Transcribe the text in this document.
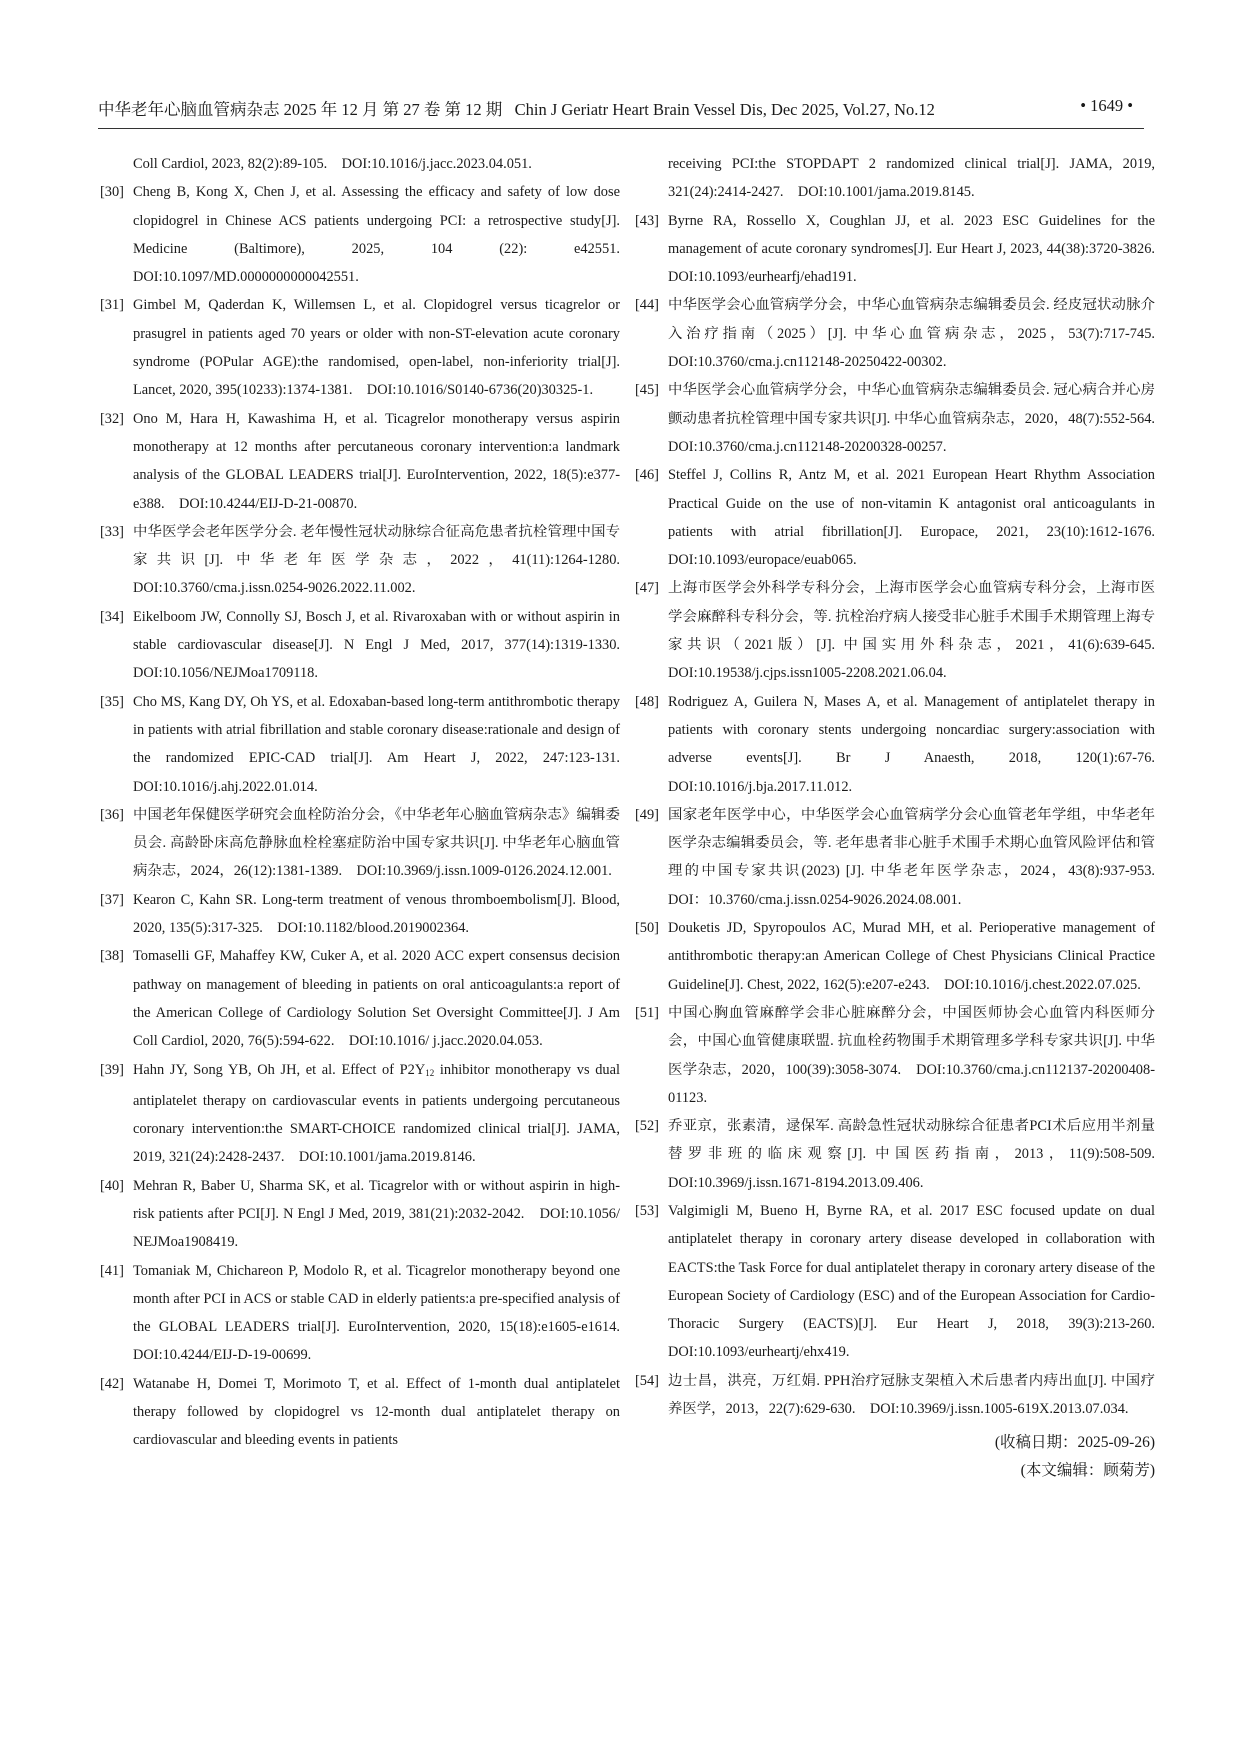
中华老年心脑血管病杂志 2025 年 12 月 第 27 卷 第 12 期 Chin J Geriatr Heart Brain Vessel Dis, Dec 2025, Vol.27, No.12	• 1649 •
Coll Cardiol, 2023, 82(2):89-105.　DOI:10.1016/j.jacc.2023.04.051.
[30] Cheng B, Kong X, Chen J, et al. Assessing the efficacy and safety of low dose clopidogrel in Chinese ACS patients undergoing PCI: a retrospective study[J]. Medicine (Baltimore), 2025, 104 (22): e42551.　DOI:10.1097/MD.0000000000042551.
[31] Gimbel M, Qaderdan K, Willemsen L, et al. Clopidogrel versus ticagrelor or prasugrel in patients aged 70 years or older with non-ST-elevation acute coronary syndrome (POPular AGE):the randomised, open-label, non-inferiority trial[J]. Lancet, 2020, 395(10233):1374-1381.　DOI:10.1016/S0140-6736(20)30325-1.
[32] Ono M, Hara H, Kawashima H, et al. Ticagrelor monotherapy versus aspirin monotherapy at 12 months after percutaneous coronary intervention:a landmark analysis of the GLOBAL LEADERS trial[J]. EuroIntervention, 2022, 18(5):e377-e388.　DOI:10.4244/EIJ-D-21-00870.
[33] 中华医学会老年医学分会. 老年慢性冠状动脉综合征高危患者抗栓管理中国专家共识[J]. 中华老年医学杂志，2022，41(11):1264-1280.　DOI:10.3760/cma.j.issn.0254-9026.2022.11.002.
[34] Eikelboom JW, Connolly SJ, Bosch J, et al. Rivaroxaban with or without aspirin in stable cardiovascular disease[J]. N Engl J Med, 2017, 377(14):1319-1330.　DOI:10.1056/NEJMoa1709118.
[35] Cho MS, Kang DY, Oh YS, et al. Edoxaban-based long-term antithrombotic therapy in patients with atrial fibrillation and stable coronary disease:rationale and design of the randomized EPIC-CAD trial[J]. Am Heart J, 2022, 247:123-131.　DOI:10.1016/j.ahj.2022.01.014.
[36] 中国老年保健医学研究会血栓防治分会，《中华老年心脑血管病杂志》编辑委员会. 高龄卧床高危静脉血栓栓塞症防治中国专家共识[J]. 中华老年心脑血管病杂志，2024，26(12):1381-1389.　DOI:10.3969/j.issn.1009-0126.2024.12.001.
[37] Kearon C, Kahn SR. Long-term treatment of venous thromboembolism[J]. Blood, 2020, 135(5):317-325.　DOI:10.1182/blood.2019002364.
[38] Tomaselli GF, Mahaffey KW, Cuker A, et al. 2020 ACC expert consensus decision pathway on management of bleeding in patients on oral anticoagulants:a report of the American College of Cardiology Solution Set Oversight Committee[J]. J Am Coll Cardiol, 2020, 76(5):594-622.　DOI:10.1016/ j.jacc.2020.04.053.
[39] Hahn JY, Song YB, Oh JH, et al. Effect of $P2Y_{12}$ inhibitor monotherapy vs dual antiplatelet therapy on cardiovascular events in patients undergoing percutaneous coronary intervention:the SMART-CHOICE randomized clinical trial[J]. JAMA, 2019, 321(24):2428-2437.　DOI:10.1001/jama.2019.8146.
[40] Mehran R, Baber U, Sharma SK, et al. Ticagrelor with or without aspirin in high-risk patients after PCI[J]. N Engl J Med, 2019, 381(21):2032-2042.　DOI:10.1056/ NEJMoa1908419.
[41] Tomaniak M, Chichareon P, Modolo R, et al. Ticagrelor monotherapy beyond one month after PCI in ACS or stable CAD in elderly patients:a pre-specified analysis of the GLOBAL LEADERS trial[J]. EuroIntervention, 2020, 15(18):e1605-e1614.　DOI:10.4244/EIJ-D-19-00699.
[42] Watanabe H, Domei T, Morimoto T, et al. Effect of 1-month dual antiplatelet therapy followed by clopidogrel vs 12-month dual antiplatelet therapy on cardiovascular and bleeding events in patients
receiving PCI:the STOPDAPT 2 randomized clinical trial[J]. JAMA, 2019, 321(24):2414-2427.　DOI:10.1001/jama.2019.8145.
[43] Byrne RA, Rossello X, Coughlan JJ, et al. 2023 ESC Guidelines for the management of acute coronary syndromes[J]. Eur Heart J, 2023, 44(38):3720-3826.　DOI:10.1093/eurhearfj/ehad191.
[44] 中华医学会心血管病学分会，中华心血管病杂志编辑委员会. 经皮冠状动脉介入治疗指南（2025）[J]. 中华心血管病杂志，2025，53(7):717-745.　DOI:10.3760/cma.j.cn112148-20250422-00302.
[45] 中华医学会心血管病学分会，中华心血管病杂志编辑委员会. 冠心病合并心房颤动患者抗栓管理中国专家共识[J]. 中华心血管病杂志，2020，48(7):552-564.　DOI:10.3760/cma.j.cn112148-20200328-00257.
[46] Steffel J, Collins R, Antz M, et al. 2021 European Heart Rhythm Association Practical Guide on the use of non-vitamin K antagonist oral anticoagulants in patients with atrial fibrillation[J]. Europace, 2021, 23(10):1612-1676.　DOI:10.1093/europace/euab065.
[47] 上海市医学会外科学专科分会，上海市医学会心血管病专科分会，上海市医学会麻醉科专科分会，等. 抗栓治疗病人接受非心脏手术围手术期管理上海专家共识（2021版）[J]. 中国实用外科杂志，2021，41(6):639-645.　DOI:10.19538/j.cjps.issn1005-2208.2021.06.04.
[48] Rodriguez A, Guilera N, Mases A, et al. Management of antiplatelet therapy in patients with coronary stents undergoing noncardiac surgery:association with adverse events[J]. Br J Anaesth, 2018, 120(1):67-76.　DOI:10.1016/j.bja.2017.11.012.
[49] 国家老年医学中心，中华医学会心血管病学分会心血管老年学组，中华老年医学杂志编辑委员会，等. 老年患者非心脏手术围手术期心血管风险评估和管理的中国专家共识(2023) [J]. 中华老年医学杂志，2024，43(8):937-953.　DOI：10.3760/cma.j.issn.0254-9026.2024.08.001.
[50] Douketis JD, Spyropoulos AC, Murad MH, et al. Perioperative management of antithrombotic therapy:an American College of Chest Physicians Clinical Practice Guideline[J]. Chest, 2022, 162(5):e207-e243.　DOI:10.1016/j.chest.2022.07.025.
[51] 中国心胸血管麻醉学会非心脏麻醉分会，中国医师协会心血管内科医师分会，中国心血管健康联盟. 抗血栓药物围手术期管理多学科专家共识[J]. 中华医学杂志，2020，100(39):3058-3074.　DOI:10.3760/cma.j.cn112137-20200408-01123.
[52] 乔亚京，张素清，逯保军. 高龄急性冠状动脉综合征患者PCI术后应用半剂量替罗非班的临床观察[J]. 中国医药指南，2013，11(9):508-509.　DOI:10.3969/j.issn.1671-8194.2013.09.406.
[53] Valgimigli M, Bueno H, Byrne RA, et al. 2017 ESC focused update on dual antiplatelet therapy in coronary artery disease developed in collaboration with EACTS:the Task Force for dual antiplatelet therapy in coronary artery disease of the European Society of Cardiology (ESC) and of the European Association for Cardio-Thoracic Surgery (EACTS)[J]. Eur Heart J, 2018, 39(3):213-260.　DOI:10.1093/eurheartj/ehx419.
[54] 边士昌，洪亮，万红娟. PPH治疗冠脉支架植入术后患者内痔出血[J]. 中国疗养医学，2013，22(7):629-630.　DOI:10.3969/j.issn.1005-619X.2013.07.034.
(收稿日期：2025-09-26)
(本文编辑：顾菊芳)
